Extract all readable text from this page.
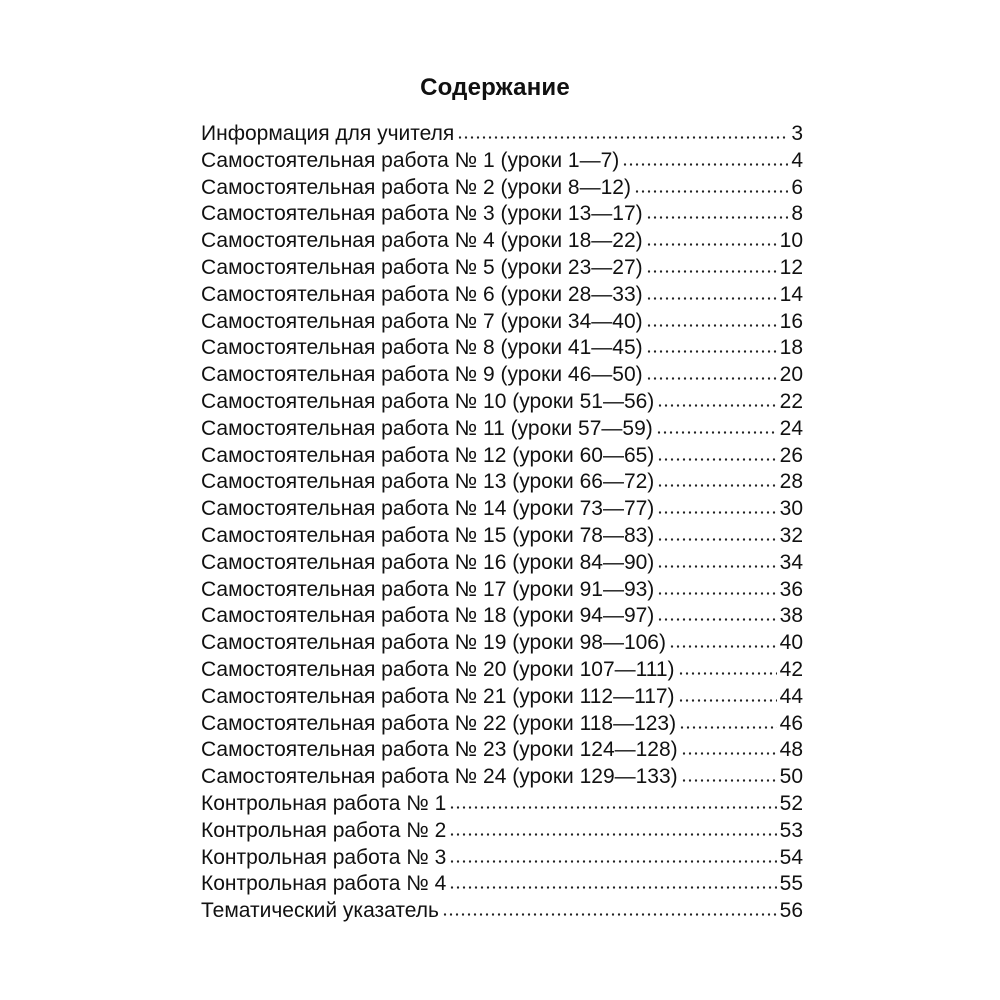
Содержание
Информация для учителя	3
Самостоятельная работа № 1 (уроки 1—7)	4
Самостоятельная работа № 2 (уроки 8—12)	6
Самостоятельная работа № 3 (уроки 13—17)	8
Самостоятельная работа № 4 (уроки 18—22)	10
Самостоятельная работа № 5 (уроки 23—27)	12
Самостоятельная работа № 6 (уроки 28—33)	14
Самостоятельная работа № 7 (уроки 34—40)	16
Самостоятельная работа № 8 (уроки 41—45)	18
Самостоятельная работа № 9 (уроки 46—50)	20
Самостоятельная работа № 10 (уроки 51—56)	22
Самостоятельная работа № 11 (уроки 57—59)	24
Самостоятельная работа № 12 (уроки 60—65)	26
Самостоятельная работа № 13 (уроки 66—72)	28
Самостоятельная работа № 14 (уроки 73—77)	30
Самостоятельная работа № 15 (уроки 78—83)	32
Самостоятельная работа № 16 (уроки 84—90)	34
Самостоятельная работа № 17 (уроки 91—93)	36
Самостоятельная работа № 18 (уроки 94—97)	38
Самостоятельная работа № 19 (уроки 98—106)	40
Самостоятельная работа № 20 (уроки 107—111)	42
Самостоятельная работа № 21 (уроки 112—117)	44
Самостоятельная работа № 22 (уроки 118—123)	46
Самостоятельная работа № 23 (уроки 124—128)	48
Самостоятельная работа № 24 (уроки 129—133)	50
Контрольная работа № 1	52
Контрольная работа № 2	53
Контрольная работа № 3	54
Контрольная работа № 4	55
Тематический указатель	56
